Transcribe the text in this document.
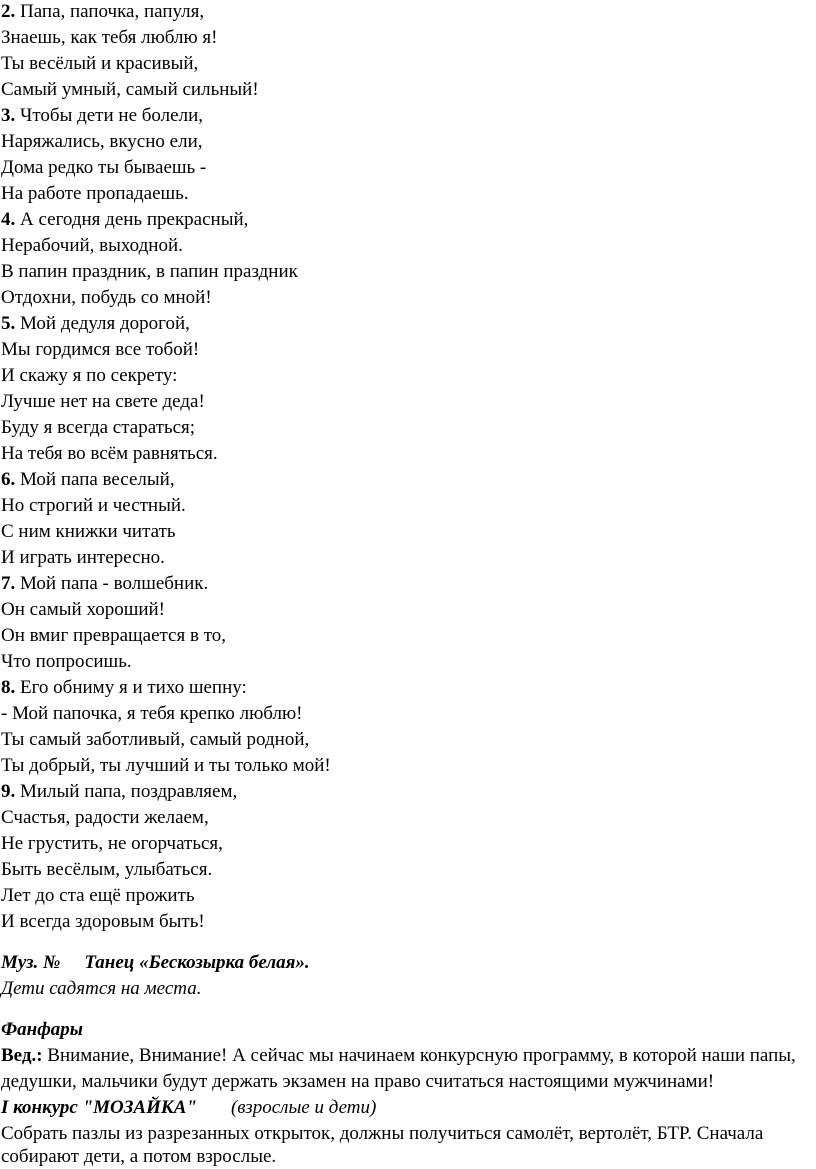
2. Папа, папочка, папуля,
Знаешь, как тебя люблю я!
Ты весёлый и красивый,
Самый умный, самый сильный!
3. Чтобы дети не болели,
Наряжались, вкусно ели,
Дома редко ты бываешь -
На работе пропадаешь.
4. А сегодня день прекрасный,
Нерабочий, выходной.
В папин праздник, в папин праздник
Отдохни, побудь со мной!
5. Мой дедуля дорогой,
Мы гордимся все тобой!
И скажу я по секрету:
Лучше нет на свете деда!
Буду я всегда стараться;
На тебя во всём равняться.
6. Мой папа веселый,
Но строгий и честный.
С ним книжки читать
И играть интересно.
7. Мой папа - волшебник.
Он самый хороший!
Он вмиг превращается в то,
Что попросишь.
8. Его обниму я и тихо шепну:
- Мой папочка, я тебя крепко люблю!
Ты самый заботливый, самый родной,
Ты добрый, ты лучший и ты только мой!
9. Милый папа, поздравляем,
Счастья, радости желаем,
Не грустить, не огорчаться,
Быть весёлым, улыбаться.
Лет до ста ещё прожить
И всегда здоровым быть!
Муз. № Танец «Бескозырка белая».
Дети садятся на места.
Фанфары
Вед.: Внимание, Внимание! А сейчас мы начинаем конкурсную программу, в которой наши папы,
дедушки, мальчики будут держать экзамен на право считаться настоящими мужчинами!
I конкурс "МОЗАЙКА" (взрослые и дети)
Собрать пазлы из разрезанных открыток, должны получиться самолёт, вертолёт, БТР. Сначала
собирают дети, а потом взрослые.
